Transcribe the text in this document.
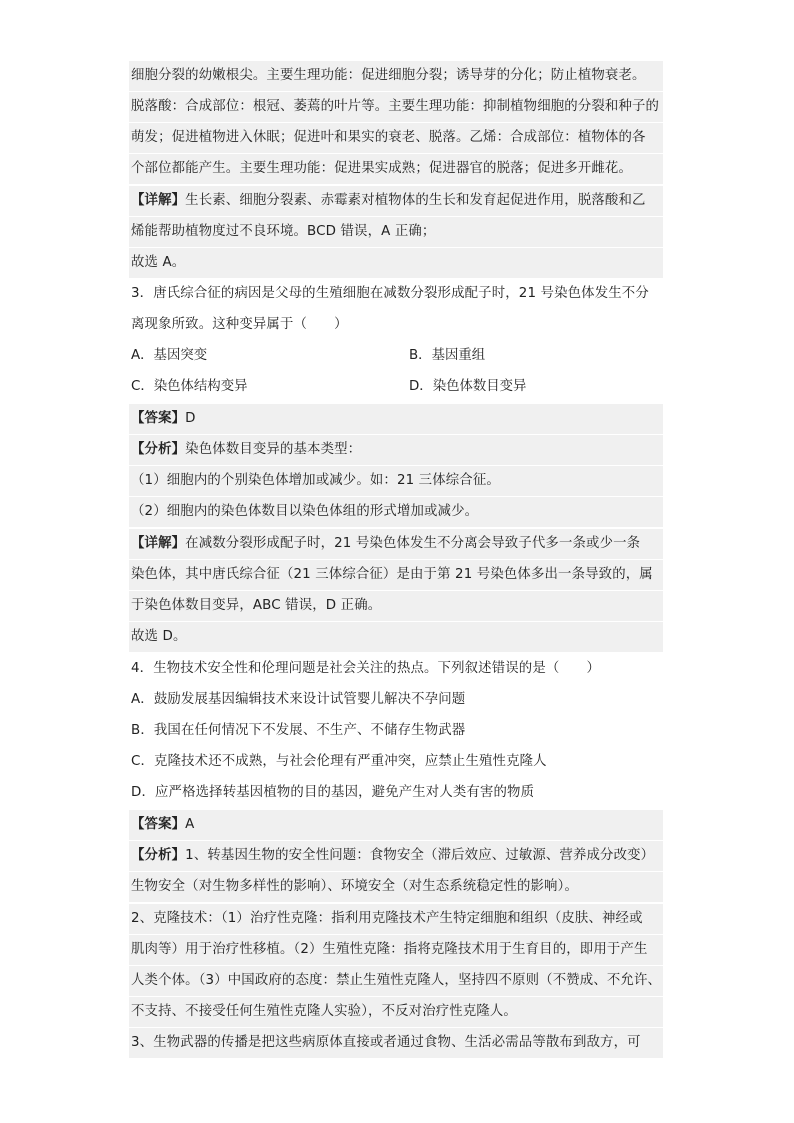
细胞分裂的幼嫩根尖。主要生理功能：促进细胞分裂；诱导芽的分化；防止植物衰老。
脱落酸：合成部位：根冠、萎蔫的叶片等。主要生理功能：抑制植物细胞的分裂和种子的
萌发；促进植物进入休眠；促进叶和果实的衰老、脱落。乙烯：合成部位：植物体的各
个部位都能产生。主要生理功能：促进果实成熟；促进器官的脱落；促进多开雌花。
【详解】生长素、细胞分裂素、赤霉素对植物体的生长和发育起促进作用，脱落酸和乙
烯能帮助植物度过不良环境。BCD 错误，A 正确；
故选 A。
3．唐氏综合征的病因是父母的生殖细胞在减数分裂形成配子时，21 号染色体发生不分
离现象所致。这种变异属于（　　）
A．基因突变	B．基因重组
C．染色体结构变异	D．染色体数目变异
【答案】D
【分析】染色体数目变异的基本类型：
（1）细胞内的个别染色体增加或减少。如：21 三体综合征。
（2）细胞内的染色体数目以染色体组的形式增加或减少。
【详解】在减数分裂形成配子时，21 号染色体发生不分离会导致子代多一条或少一条
染色体，其中唐氏综合征（21 三体综合征）是由于第 21 号染色体多出一条导致的，属
于染色体数目变异，ABC 错误，D 正确。
故选 D。
4．生物技术安全性和伦理问题是社会关注的热点。下列叙述错误的是（　　）
A．鼓励发展基因编辑技术来设计试管婴儿解决不孕问题
B．我国在任何情况下不发展、不生产、不储存生物武器
C．克隆技术还不成熟，与社会伦理有严重冲突，应禁止生殖性克隆人
D．应严格选择转基因植物的目的基因，避免产生对人类有害的物质
【答案】A
【分析】1、转基因生物的安全性问题：食物安全（滞后效应、过敏源、营养成分改变）
生物安全（对生物多样性的影响）、环境安全（对生态系统稳定性的影响）。
2、克隆技术：（1）治疗性克隆：指利用克隆技术产生特定细胞和组织（皮肤、神经或
肌肉等）用于治疗性移植。（2）生殖性克隆：指将克隆技术用于生育目的，即用于产生
人类个体。（3）中国政府的态度：禁止生殖性克隆人，坚持四不原则（不赞成、不允许、
不支持、不接受任何生殖性克隆人实验），不反对治疗性克隆人。
3、生物武器的传播是把这些病原体直接或者通过食物、生活必需品等散布到敌方，可
